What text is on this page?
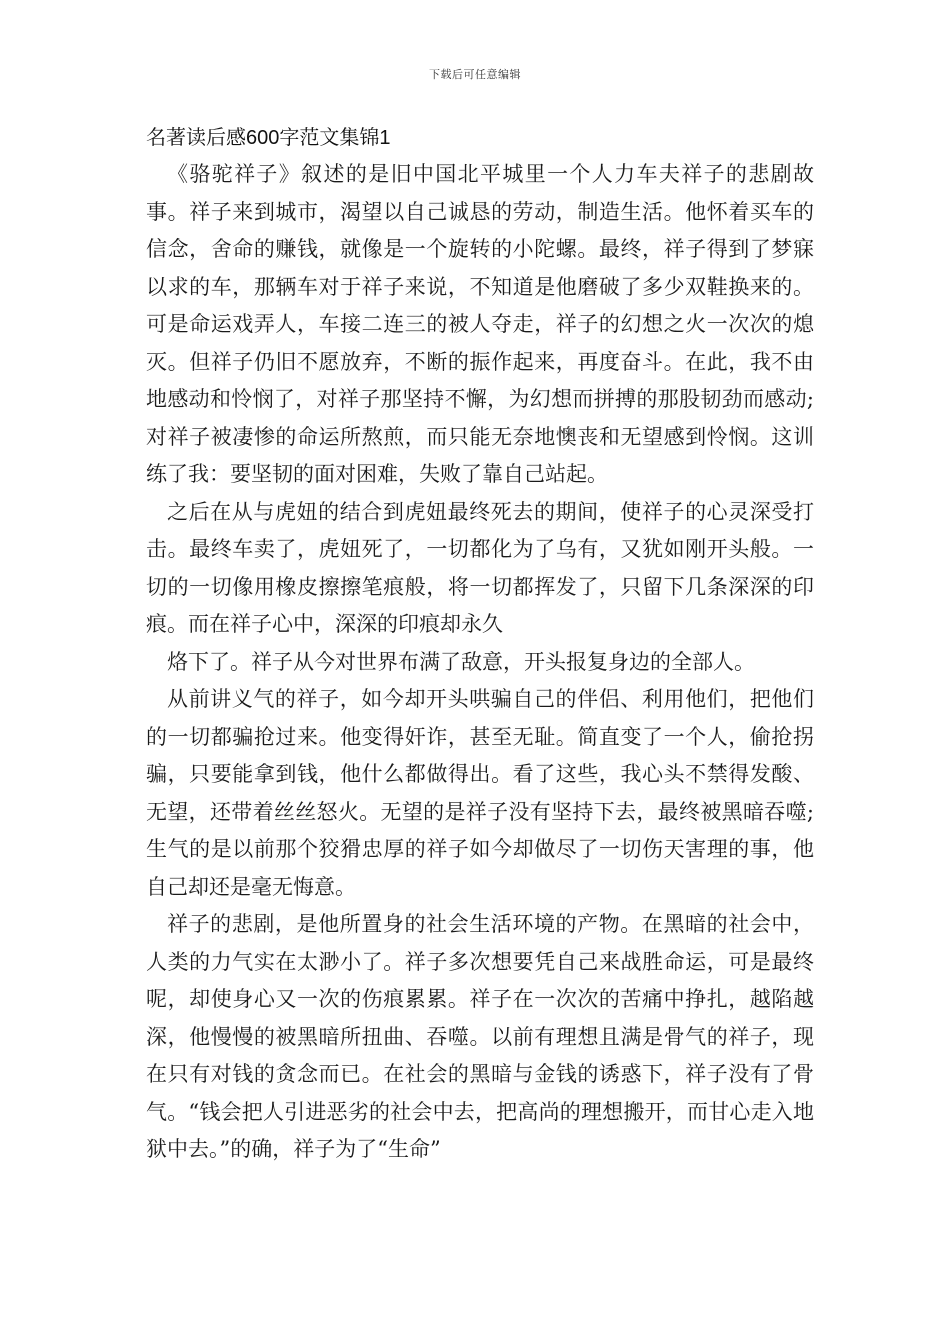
下载后可任意编辑
名著读后感600字范文集锦1

《骆驼祥子》叙述的是旧中国北平城里一个人力车夫祥子的悲剧故事。祥子来到城市，渴望以自己诚恳的劳动，制造生活。他怀着买车的信念，舍命的赚钱，就像是一个旋转的小陀螺。最终，祥子得到了梦寐以求的车，那辆车对于祥子来说，不知道是他磨破了多少双鞋换来的。可是命运戏弄人，车接二连三的被人夺走，祥子的幻想之火一次次的熄灭。但祥子仍旧不愿放弃，不断的振作起来，再度奋斗。在此，我不由地感动和怜悯了，对祥子那坚持不懈，为幻想而拼搏的那股韧劲而感动;对祥子被凄惨的命运所熬煎，而只能无奈地懊丧和无望感到怜悯。这训练了我：要坚韧的面对困难，失败了靠自己站起。

之后在从与虎妞的结合到虎妞最终死去的期间，使祥子的心灵深受打击。最终车卖了，虎妞死了，一切都化为了乌有，又犹如刚开头般。一切的一切像用橡皮擦擦笔痕般，将一切都挥发了，只留下几条深深的印痕。而在祥子心中，深深的印痕却永久

烙下了。祥子从今对世界布满了敌意，开头报复身边的全部人。

从前讲义气的祥子，如今却开头哄骗自己的伴侣、利用他们，把他们的一切都骗抢过来。他变得奸诈，甚至无耻。简直变了一个人，偷抢拐骗，只要能拿到钱，他什么都做得出。看了这些，我心头不禁得发酸、无望，还带着丝丝怒火。无望的是祥子没有坚持下去，最终被黑暗吞噬;生气的是以前那个狡猾忠厚的祥子如今却做尽了一切伤天害理的事，他自己却还是毫无悔意。

祥子的悲剧，是他所置身的社会生活环境的产物。在黑暗的社会中，人类的力气实在太渺小了。祥子多次想要凭自己来战胜命运，可是最终呢，却使身心又一次的伤痕累累。祥子在一次次的苦痛中挣扎，越陷越深，他慢慢的被黑暗所扭曲、吞噬。以前有理想且满是骨气的祥子，现在只有对钱的贪念而已。在社会的黑暗与金钱的诱惑下，祥子没有了骨气。“钱会把人引进恶劣的社会中去，把高尚的理想搬开，而甘心走入地狱中去。”的确，祥子为了“生命”
